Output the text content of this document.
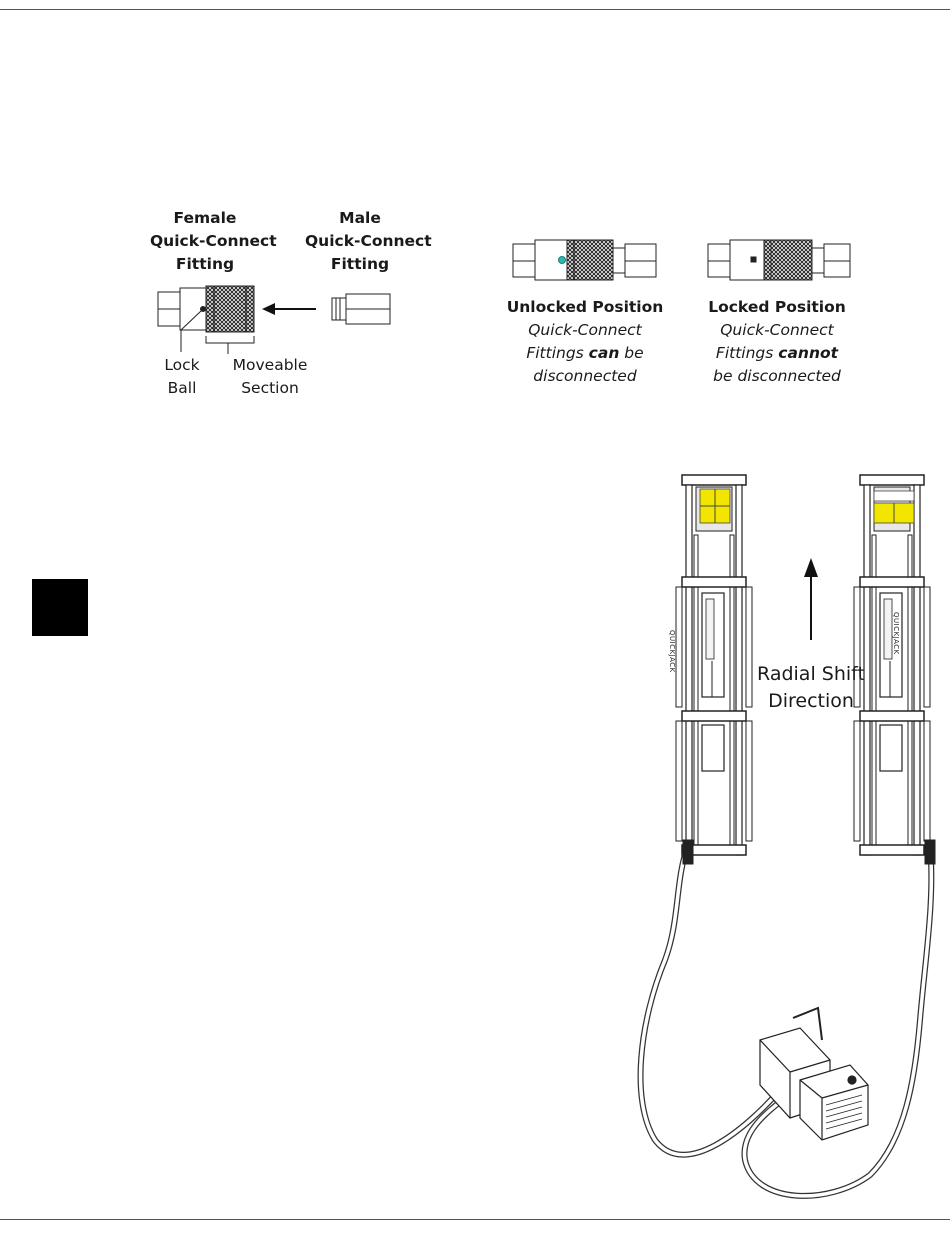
Female
Quick-Connect
Fitting
Male
Quick-Connect
Fitting
Lock
Ball
Moveable
Section
Unlocked Position
Quick-Connect
Fittings can be
disconnected
Locked Position
Quick-Connect
Fittings cannot
be disconnected
Radial Shift
Direction
QUICKJACK	QUICKJACK
